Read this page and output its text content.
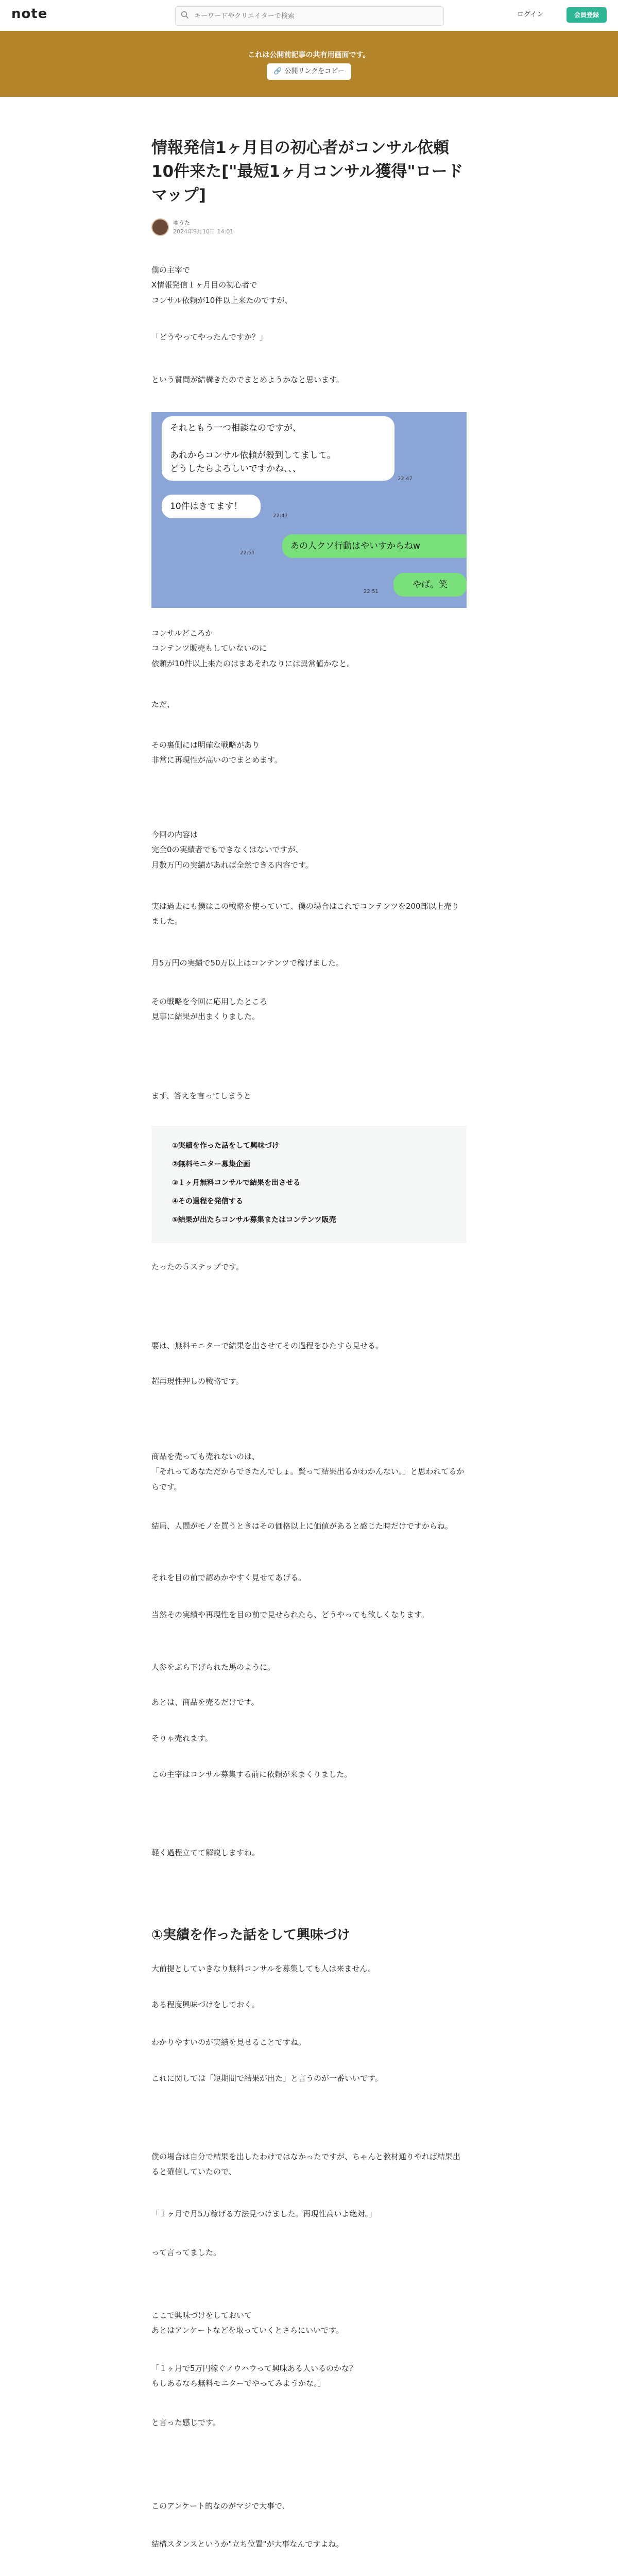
note
キーワードやクリエイターで検索	ログイン	会員登録
これは公開前記事の共有用画面です。
🔗 公開リンクをコピー
情報発信1ヶ月目の初心者がコンサル依頼10件来た["最短1ヶ月コンサル獲得"ロードマップ]
ゆうた
2024年9月10日 14:01

僕の主宰で
X情報発信１ヶ月目の初心者で
コンサル依頼が10件以上来たのですが、

「どうやってやったんですか？」

という質問が結構きたのでまとめようかなと思います。

それともう一つ相談なのですが、

あれからコンサル依頼が殺到してまして。
どうしたらよろしいですかね、、、
22:47
10件はきてます！
22:47
あの人クソ行動はやいすからねw
22:51
やば。笑
22:51

コンサルどころか
コンテンツ販売もしていないのに
依頼が10件以上来たのはまあそれなりには異常値かなと。

ただ、

その裏側には明確な戦略があり
非常に再現性が高いのでまとめます。

今回の内容は
完全0の実績者でもできなくはないですが、
月数万円の実績があれば全然できる内容です。

実は過去にも僕はこの戦略を使っていて、僕の場合はこれでコンテンツを200部以上売りました。

月5万円の実績で50万以上はコンテンツで稼げました。

その戦略を今回に応用したところ
見事に結果が出まくりました。

まず、答えを言ってしまうと

①実績を作った話をして興味づけ
②無料モニター募集企画
③１ヶ月無料コンサルで結果を出させる
④その過程を発信する
⑤結果が出たらコンサル募集またはコンテンツ販売

たったの５ステップです。

要は、無料モニターで結果を出させてその過程をひたすら見せる。

超再現性押しの戦略です。

商品を売っても売れないのは、
「それってあなただからできたんでしょ。賢って結果出るかわかんない。」と思われてるからです。

結局、人間がモノを買うときはその価格以上に価値があると感じた時だけですからね。

それを目の前で認めかやすく見せてあげる。

当然その実績や再現性を目の前で見せられたら、どうやっても欲しくなります。

人参をぶら下げられた馬のように。

あとは、商品を売るだけです。

そりゃ売れます。

この主宰はコンサル募集する前に依頼が来まくりました。

軽く過程立てて解説しますね。

①実績を作った話をして興味づけ

大前提としていきなり無料コンサルを募集しても人は来ません。

ある程度興味づけをしておく。

わかりやすいのが実績を見せることですね。

これに関しては「短期間で結果が出た」と言うのが一番いいです。

僕の場合は自分で結果を出したわけではなかったですが、ちゃんと教材通りやれば結果出ると確信していたので、

「１ヶ月で月5万稼げる方法見つけました。再現性高いよ絶対。」

って言ってました。

ここで興味づけをしておいて
あとはアンケートなどを取っていくとさらにいいです。

「１ヶ月で5万円稼ぐノウハウって興味ある人いるのかな？
もしあるなら無料モニターでやってみようかな。」

と言った感じです。

このアンケート的なのがマジで大事で、

結構スタンスというか"立ち位置"が大事なんですよね。
